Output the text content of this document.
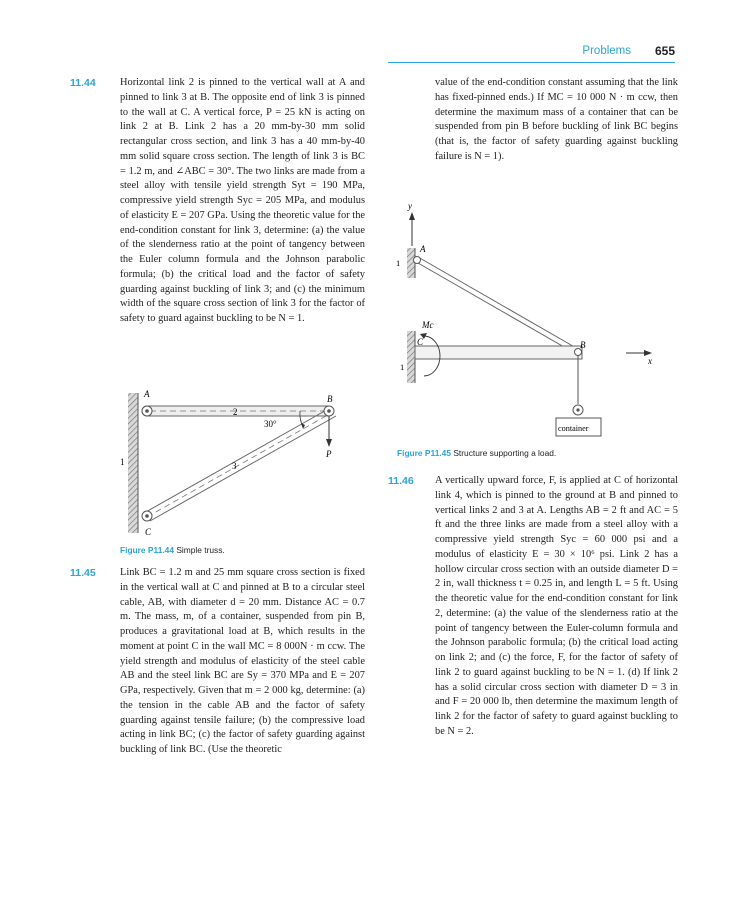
Problems 655
11.44 Horizontal link 2 is pinned to the vertical wall at A and pinned to link 3 at B. The opposite end of link 3 is pinned to the wall at C. A vertical force, P = 25 kN is acting on link 2 at B. Link 2 has a 20 mm-by-30 mm solid rectangular cross section, and link 3 has a 40 mm-by-40 mm solid square cross section. The length of link 3 is BC = 1.2 m, and ∠ABC = 30°. The two links are made from a steel alloy with tensile yield strength Syt = 190 MPa, compressive yield strength Syc = 205 MPa, and modulus of elasticity E = 207 GPa. Using the theoretic value for the end-condition constant for link 3, determine: (a) the value of the slenderness ratio at the point of tangency between the Euler column formula and the Johnson parabolic formula; (b) the critical load and the factor of safety guarding against buckling of link 3; and (c) the minimum width of the square cross section of link 3 for the factor of safety to guard against buckling to be N = 1.
A	B
C
P
1
2
3
30°
Figure P11.44 Simple truss.
11.45 Link BC = 1.2 m and 25 mm square cross section is fixed in the vertical wall at C and pinned at B to a circular steel cable, AB, with diameter d = 20 mm. Distance AC = 0.7 m. The mass, m, of a container, suspended from pin B, produces a gravitational load at B, which results in the moment at point C in the wall MC = 8 000N · m ccw. The yield strength and modulus of elasticity of the steel cable AB and the steel link BC are Sy = 370 MPa and E = 207 GPa, respectively. Given that m = 2 000 kg, determine: (a) the tension in the cable AB and the factor of safety guarding against tensile failure; (b) the compressive load acting in link BC; (c) the factor of safety guarding against buckling of link BC. (Use the theoretic
value of the end-condition constant assuming that the link has fixed-pinned ends.) If MC = 10 000 N · m ccw, then determine the maximum mass of a container that can be suspended from pin B before buckling of link BC begins (that is, the factor of safety guarding against buckling failure is N = 1).
y
1
1
A
B
C
Mc
x
container
Figure P11.45 Structure supporting a load.
11.46 A vertically upward force, F, is applied at C of horizontal link 4, which is pinned to the ground at B and pinned to vertical links 2 and 3 at A. Lengths AB = 2 ft and AC = 5 ft and the three links are made from a steel alloy with a compressive yield strength Syc = 60 000 psi and a modulus of elasticity E = 30 × 10⁶ psi. Link 2 has a hollow circular cross section with an outside diameter D = 2 in, wall thickness t = 0.25 in, and length L = 5 ft. Using the theoretic value for the end-condition constant for link 2, determine: (a) the value of the slenderness ratio at the point of tangency between the Euler-column formula and the Johnson parabolic formula; (b) the critical load acting on link 2; and (c) the force, F, for the factor of safety of link 2 to guard against buckling to be N = 1. (d) If link 2 has a solid circular cross section with diameter D = 3 in and F = 20 000 lb, then determine the maximum length of link 2 for the factor of safety to guard against buckling to be N = 2.
